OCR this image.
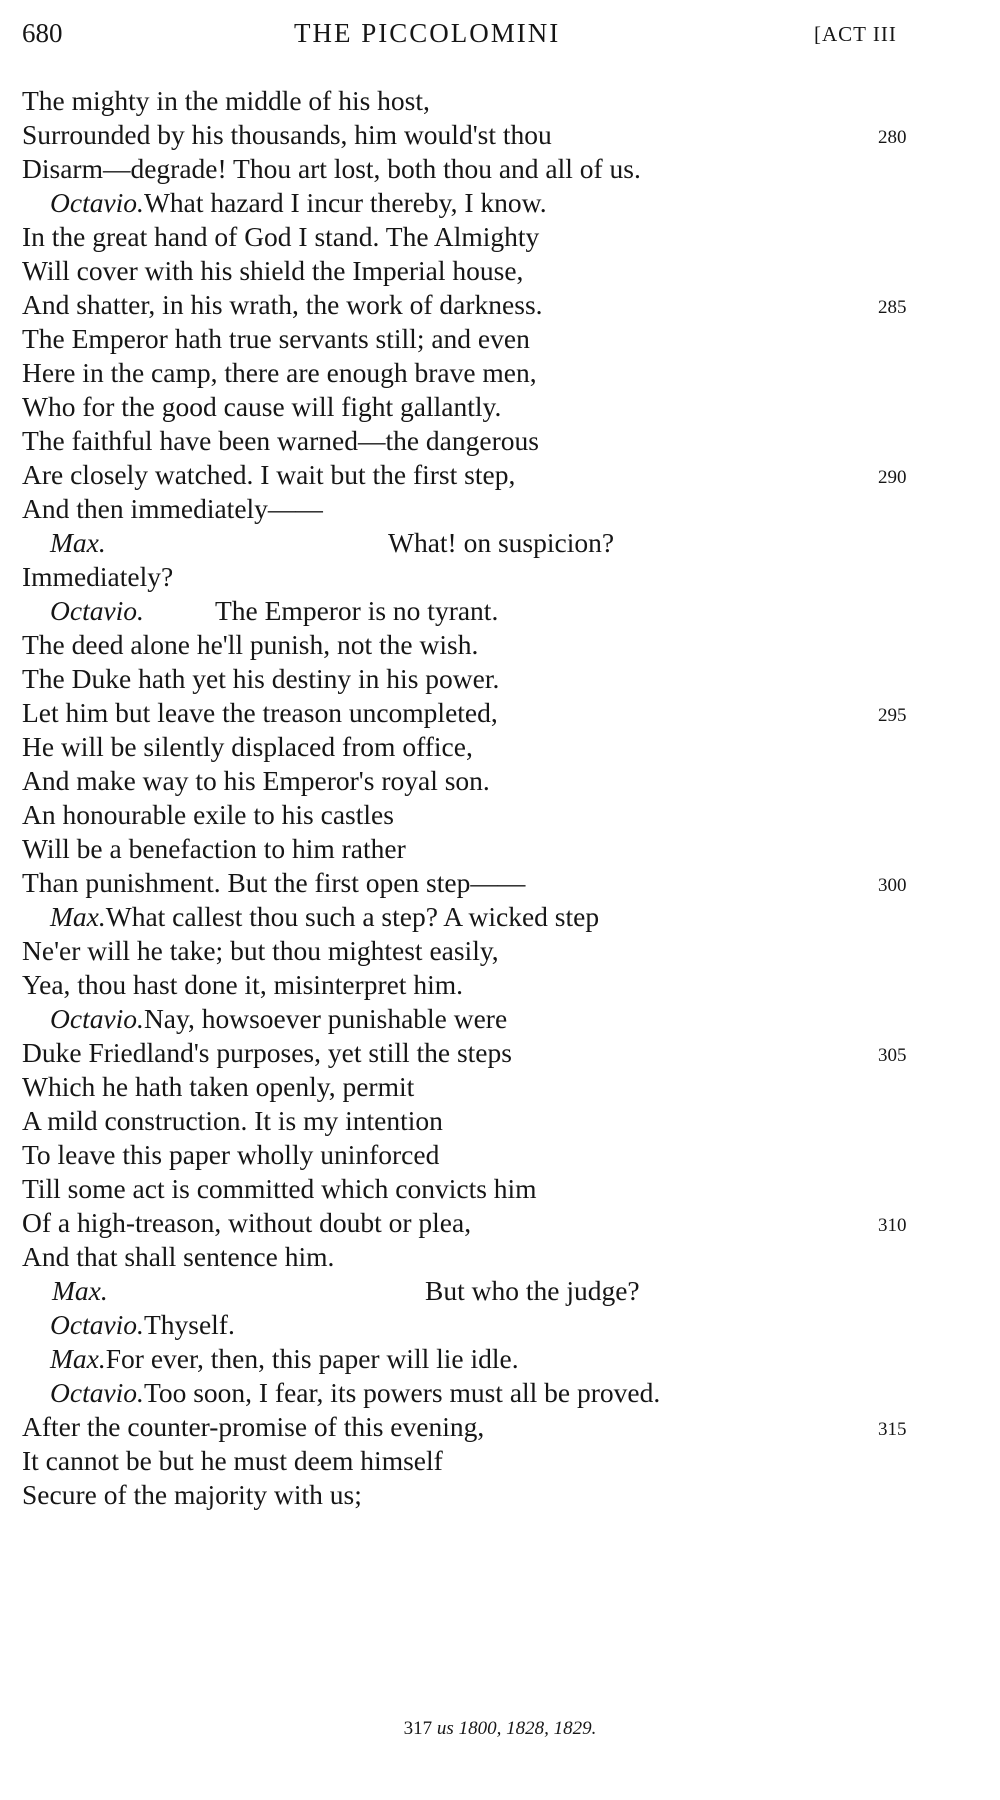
680	THE PICCOLOMINI	[ACT III
The mighty in the middle of his host,
Surrounded by his thousands, him would'st thou	280
Disarm—degrade! Thou art lost, both thou and all of us.
Octavio. What hazard I incur thereby, I know.
In the great hand of God I stand. The Almighty
Will cover with his shield the Imperial house,
And shatter, in his wrath, the work of darkness.	285
The Emperor hath true servants still; and even
Here in the camp, there are enough brave men,
Who for the good cause will fight gallantly.
The faithful have been warned—the dangerous
Are closely watched. I wait but the first step,	290
And then immediately——
Max.	What! on suspicion?
Immediately?
Octavio.	The Emperor is no tyrant.
The deed alone he'll punish, not the wish.
The Duke hath yet his destiny in his power.
Let him but leave the treason uncompleted,	295
He will be silently displaced from office,
And make way to his Emperor's royal son.
An honourable exile to his castles
Will be a benefaction to him rather
Than punishment. But the first open step——	300
Max. What callest thou such a step? A wicked step
Ne'er will he take; but thou mightest easily,
Yea, thou hast done it, misinterpret him.
Octavio. Nay, howsoever punishable were
Duke Friedland's purposes, yet still the steps	305
Which he hath taken openly, permit
A mild construction. It is my intention
To leave this paper wholly uninforced
Till some act is committed which convicts him
Of a high-treason, without doubt or plea,	310
And that shall sentence him.
Max.	But who the judge?
Octavio. Thyself.
Max. For ever, then, this paper will lie idle.
Octavio. Too soon, I fear, its powers must all be proved.
After the counter-promise of this evening,	315
It cannot be but he must deem himself
Secure of the majority with us;
317 us 1800, 1828, 1829.
